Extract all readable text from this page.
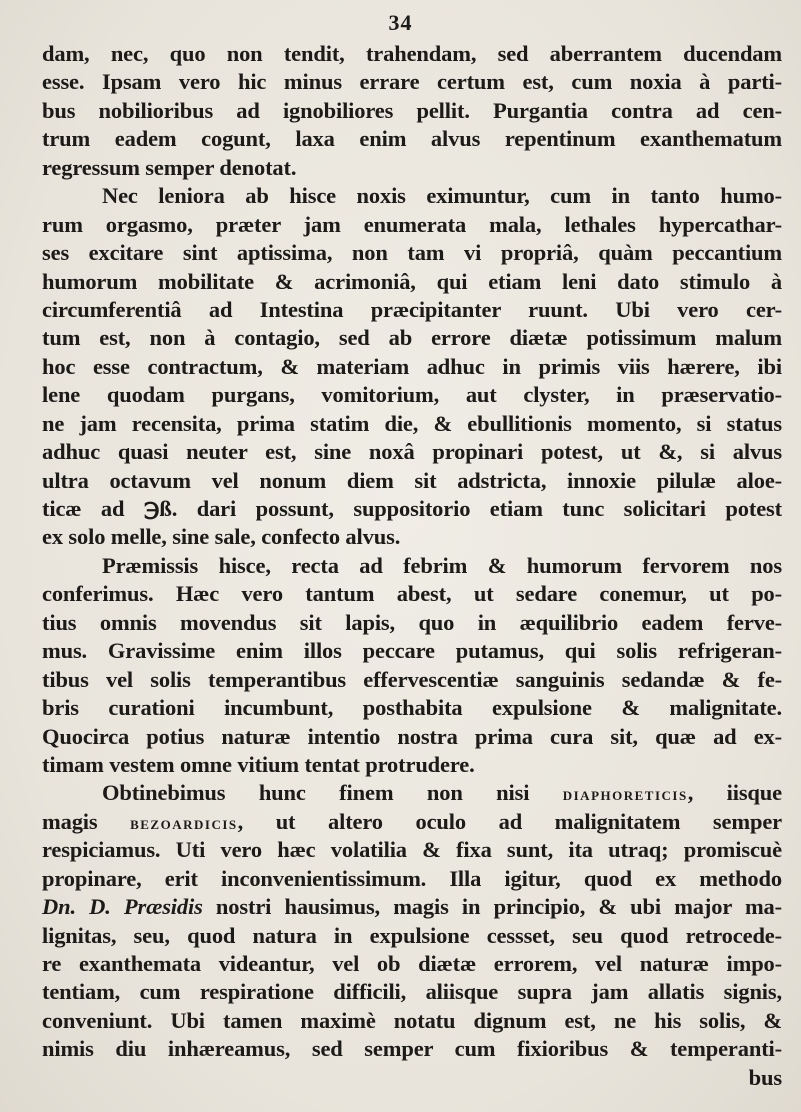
34
dam, nec, quo non tendit, trahendam, sed aberrantem ducendam
esse. Ipsam vero hic minus errare certum est, cum noxia à parti-
bus nobilioribus ad ignobiliores pellit. Purgantia contra ad cen-
trum eadem cogunt, laxa enim alvus repentinum exanthematum
regressum semper denotat.
Nec leniora ab hisce noxis eximuntur, cum in tanto humo-
rum orgasmo, præter jam enumerata mala, lethales hypercathar-
ses excitare sint aptissima, non tam vi propriâ, quàm peccantium
humorum mobilitate & acrimoniâ, qui etiam leni dato stimulo à
circumferentiâ ad Intestina præcipitanter ruunt. Ubi vero cer-
tum est, non à contagio, sed ab errore diætæ potissimum malum
hoc esse contractum, & materiam adhuc in primis viis hærere, ibi
lene quodam purgans, vomitorium, aut clyster, in præservatio-
ne jam recensita, prima statim die, & ebullitionis momento, si status
adhuc quasi neuter est, sine noxâ propinari potest, ut &, si alvus
ultra octavum vel nonum diem sit adstricta, innoxie pilulæ aloe-
ticæ ad ℈ß. dari possunt, suppositorio etiam tunc solicitari potest
ex solo melle, sine sale, confecto alvus.
Præmissis hisce, recta ad febrim & humorum fervorem nos
conferimus. Hæc vero tantum abest, ut sedare conemur, ut po-
tius omnis movendus sit lapis, quo in æquilibrio eadem ferve-
mus. Gravissime enim illos peccare putamus, qui solis refrigeran-
tibus vel solis temperantibus effervescentiæ sanguinis sedandæ & fe-
bris curationi incumbunt, posthabita expulsione & malignitate.
Quocirca potius naturæ intentio nostra prima cura sit, quæ ad ex-
timam vestem omne vitium tentat protrudere.
Obtinebimus hunc finem non nisi diaphoreticis, iisque
magis bezoardicis, ut altero oculo ad malignitatem semper
respiciamus. Uti vero hæc volatilia & fixa sunt, ita utraq; promiscuè
propinare, erit inconvenientissimum. Illa igitur, quod ex methodo
Dn. D. Præsidis nostri hausimus, magis in principio, & ubi major ma-
lignitas, seu, quod natura in expulsione cessset, seu quod retrocede-
re exanthemata videantur, vel ob diætæ errorem, vel naturæ impo-
tentiam, cum respiratione difficili, aliisque supra jam allatis signis,
conveniunt. Ubi tamen maximè notatu dignum est, ne his solis, &
nimis diu inhæreamus, sed semper cum fixioribus & temperanti-
bus
